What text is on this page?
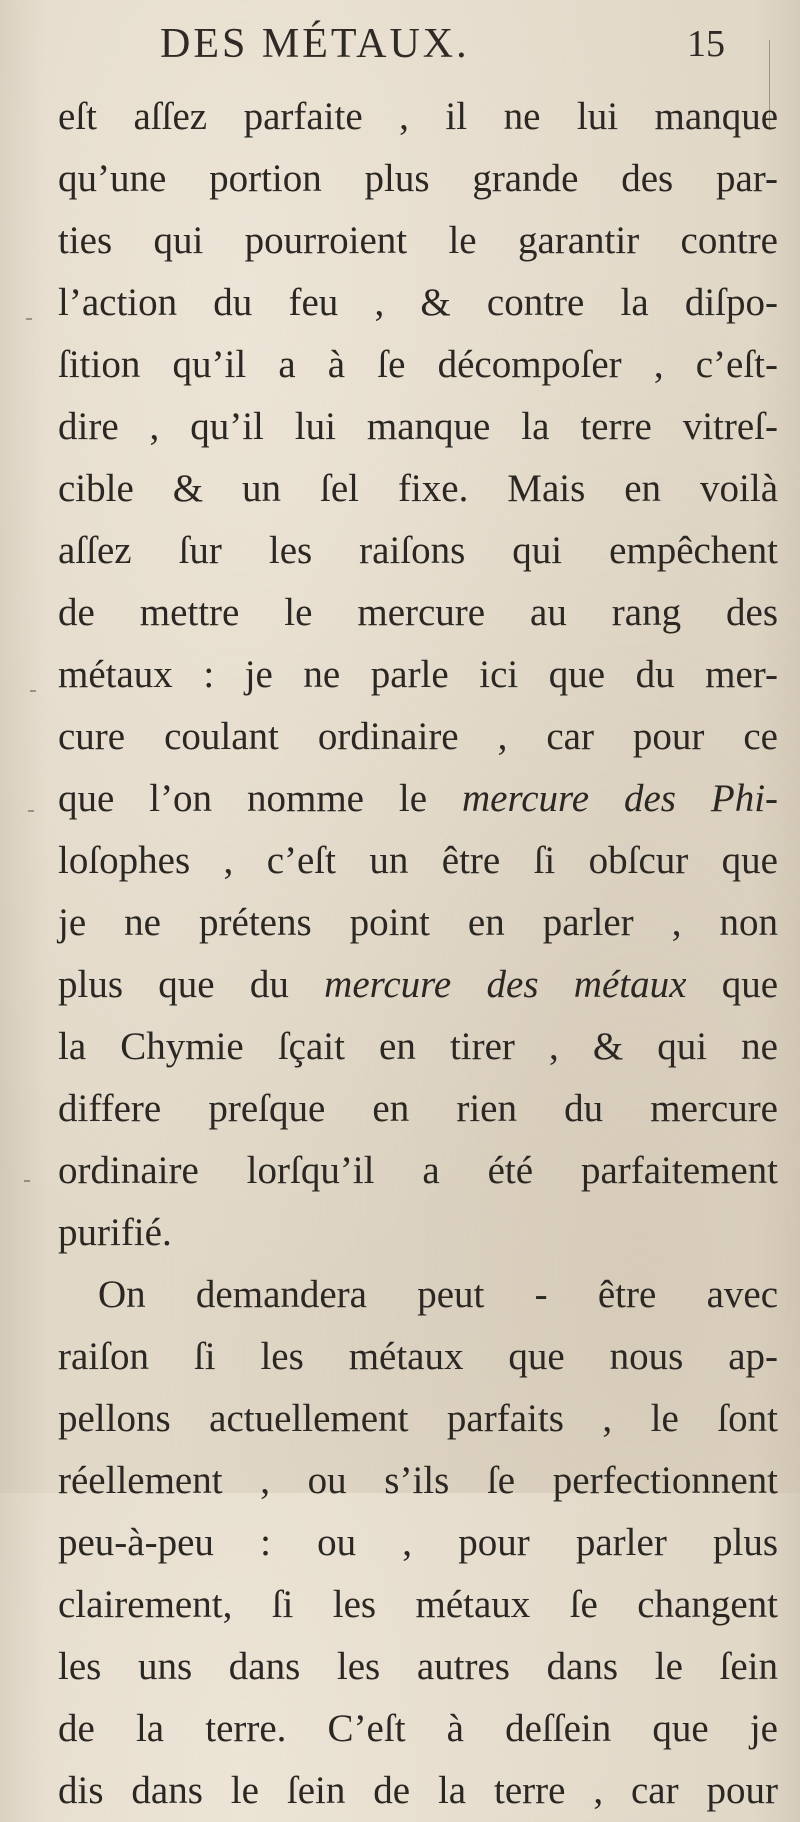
DES MÉTAUX.	15
eſt aſſez parfaite , il ne lui manque
qu’une portion plus grande des par-
ties qui pourroient le garantir contre
l’action du feu , & contre la diſpo-
ſition qu’il a à ſe décompoſer , c’eſt-
dire , qu’il lui manque la terre vitreſ-
cible & un ſel fixe. Mais en voilà
aſſez ſur les raiſons qui empêchent
de mettre le mercure au rang des
métaux : je ne parle ici que du mer-
cure coulant ordinaire , car pour ce
que l’on nomme le mercure des Phi-
loſophes , c’eſt un être ſi obſcur que
je ne prétens point en parler , non
plus que du mercure des métaux que
la Chymie ſçait en tirer , & qui ne
differe preſque en rien du mercure
ordinaire lorſqu’il a été parfaitement
purifié.
On demandera peut - être avec
raiſon ſi les métaux que nous ap-
pellons actuellement parfaits , le ſont
réellement , ou s’ils ſe perfectionnent
peu-à-peu : ou , pour parler plus
clairement, ſi les métaux ſe changent
les uns dans les autres dans le ſein
de la terre. C’eſt à deſſein que je
dis dans le ſein de la terre , car pour
